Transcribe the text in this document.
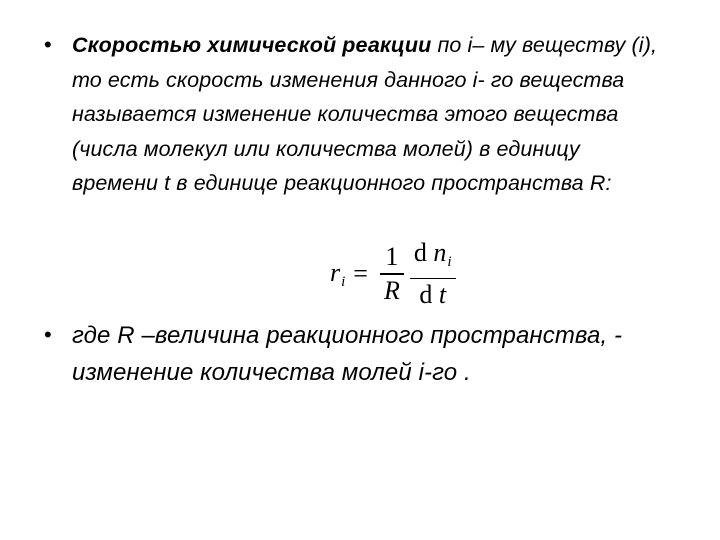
• Скоростью химической реакции по i– му веществу (i), то есть скорость изменения данного i- го вещества называется изменение количества этого вещества (числа молекул или количества молей) в единицу времени t в единице реакционного пространства R:
$r_i = \frac{1}{R} \frac{d n_i}{\text{d t}}$
• где R –величина реакционного пространства, - изменение количества молей i-го .
